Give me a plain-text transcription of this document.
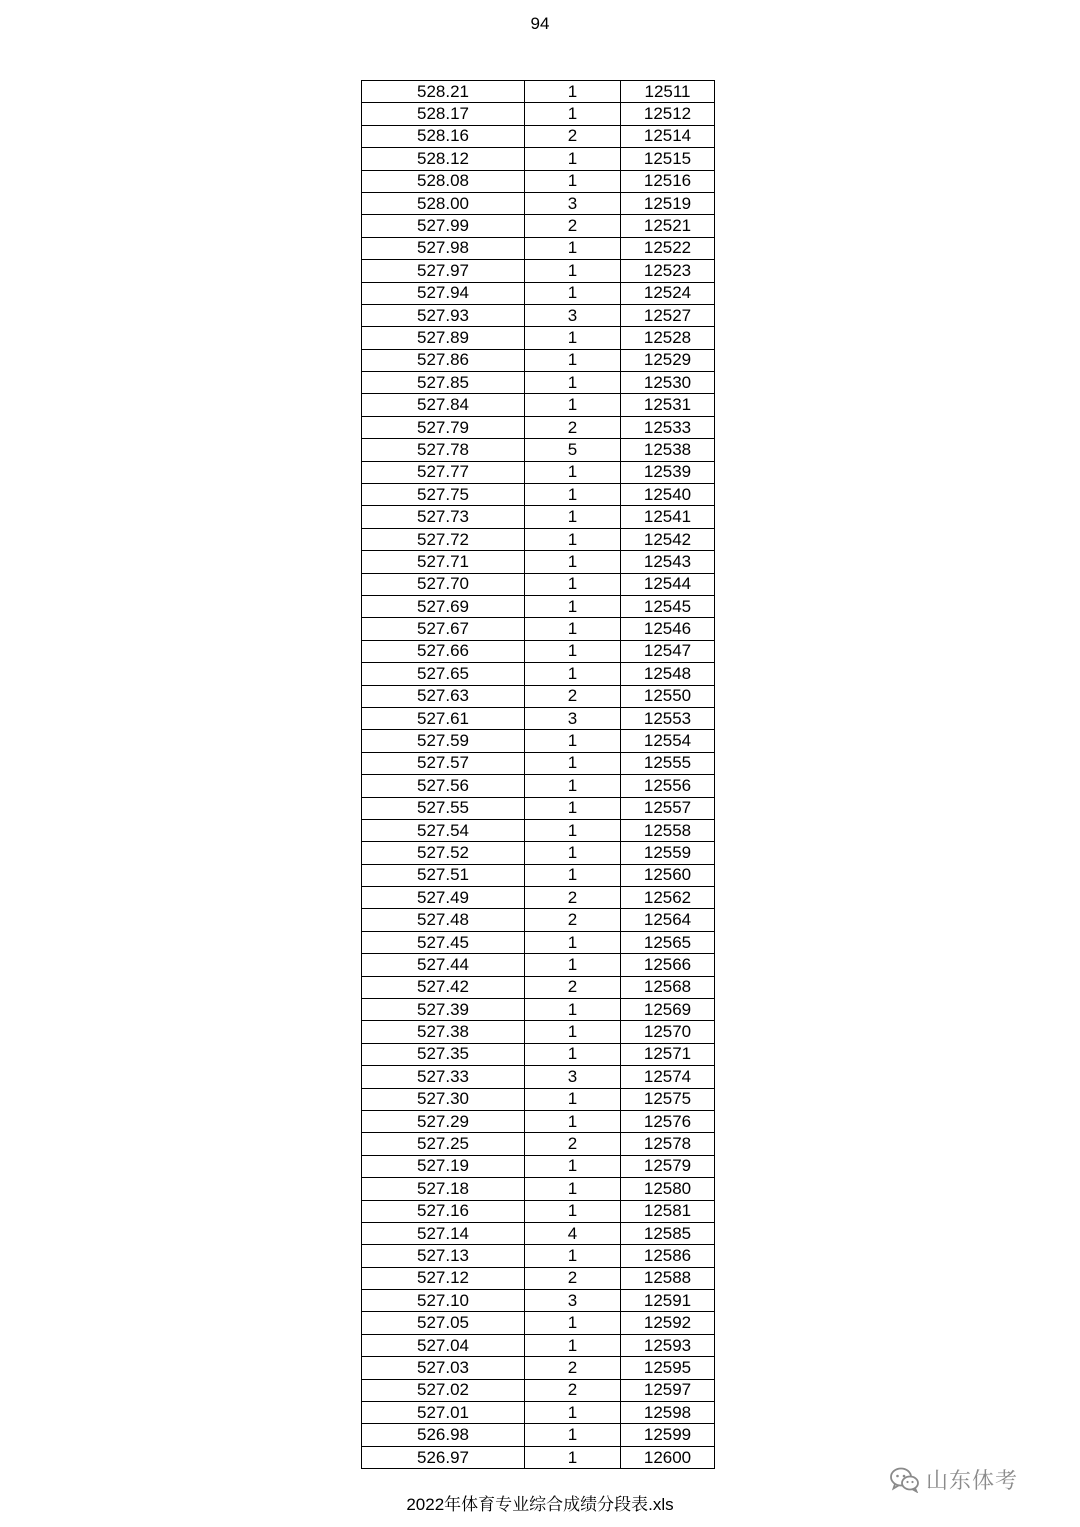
94
528.21	1	12511
528.17	1	12512
528.16	2	12514
528.12	1	12515
528.08	1	12516
528.00	3	12519
527.99	2	12521
527.98	1	12522
527.97	1	12523
527.94	1	12524
527.93	3	12527
527.89	1	12528
527.86	1	12529
527.85	1	12530
527.84	1	12531
527.79	2	12533
527.78	5	12538
527.77	1	12539
527.75	1	12540
527.73	1	12541
527.72	1	12542
527.71	1	12543
527.70	1	12544
527.69	1	12545
527.67	1	12546
527.66	1	12547
527.65	1	12548
527.63	2	12550
527.61	3	12553
527.59	1	12554
527.57	1	12555
527.56	1	12556
527.55	1	12557
527.54	1	12558
527.52	1	12559
527.51	1	12560
527.49	2	12562
527.48	2	12564
527.45	1	12565
527.44	1	12566
527.42	2	12568
527.39	1	12569
527.38	1	12570
527.35	1	12571
527.33	3	12574
527.30	1	12575
527.29	1	12576
527.25	2	12578
527.19	1	12579
527.18	1	12580
527.16	1	12581
527.14	4	12585
527.13	1	12586
527.12	2	12588
527.10	3	12591
527.05	1	12592
527.04	1	12593
527.03	2	12595
527.02	2	12597
527.01	1	12598
526.98	1	12599
526.97	1	12600
2022年体育专业综合成绩分段表.xls
山东体考
